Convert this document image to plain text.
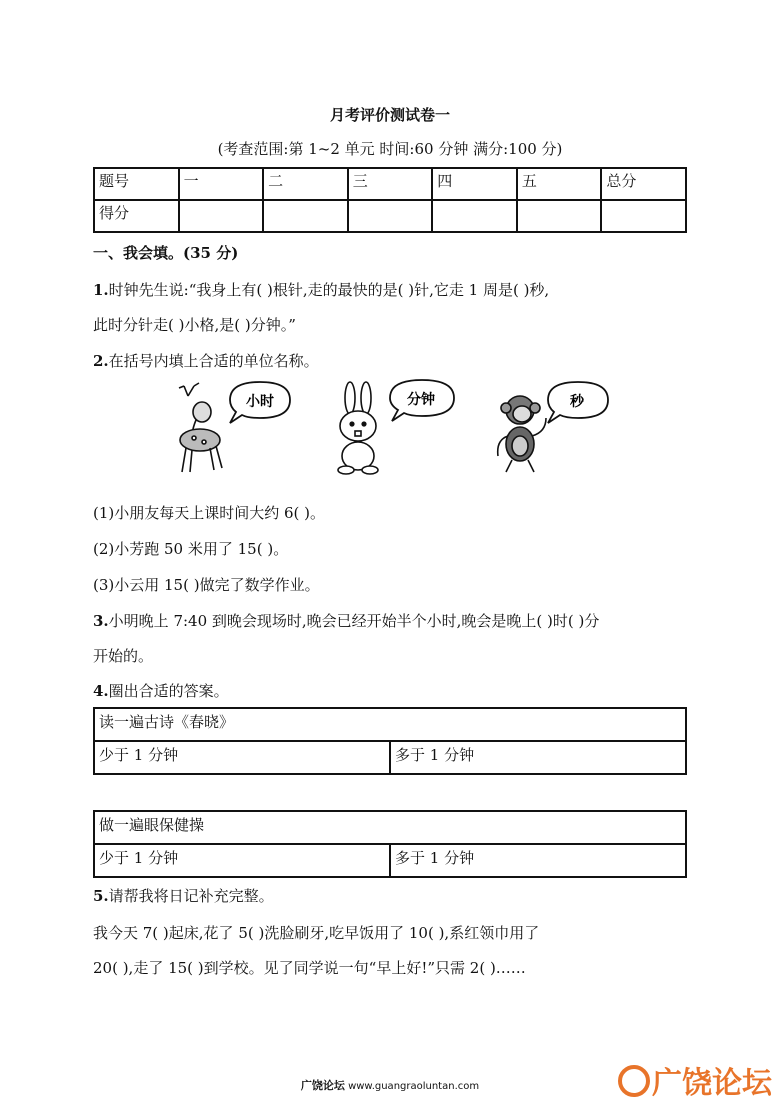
月考评价测试卷一
(考查范围:第 1~2 单元 时间:60 分钟 满分:100 分)
题号	一	二	三	四	五	总分
得分						
一、我会填。(35 分)
1.时钟先生说:“我身上有( )根针,走的最快的是( )针,它走 1 周是( )秒,
此时分针走( )小格,是( )分钟。”
2.在括号内填上合适的单位名称。
小时	分钟	秒
(1)小朋友每天上课时间大约 6( )。
(2)小芳跑 50 米用了 15( )。
(3)小云用 15( )做完了数学作业。
3.小明晚上 7:40 到晚会现场时,晚会已经开始半个小时,晚会是晚上( )时( )分
开始的。
4.圈出合适的答案。
读一遍古诗《春晓》
少于 1 分钟	多于 1 分钟
做一遍眼保健操
少于 1 分钟	多于 1 分钟
5.请帮我将日记补充完整。
我今天 7( )起床,花了 5( )洗脸刷牙,吃早饭用了 10( ),系红领巾用了
20( ),走了 15( )到学校。见了同学说一句“早上好!”只需 2( )……
广饶论坛 www.guangraoluntan.com	广饶论坛
